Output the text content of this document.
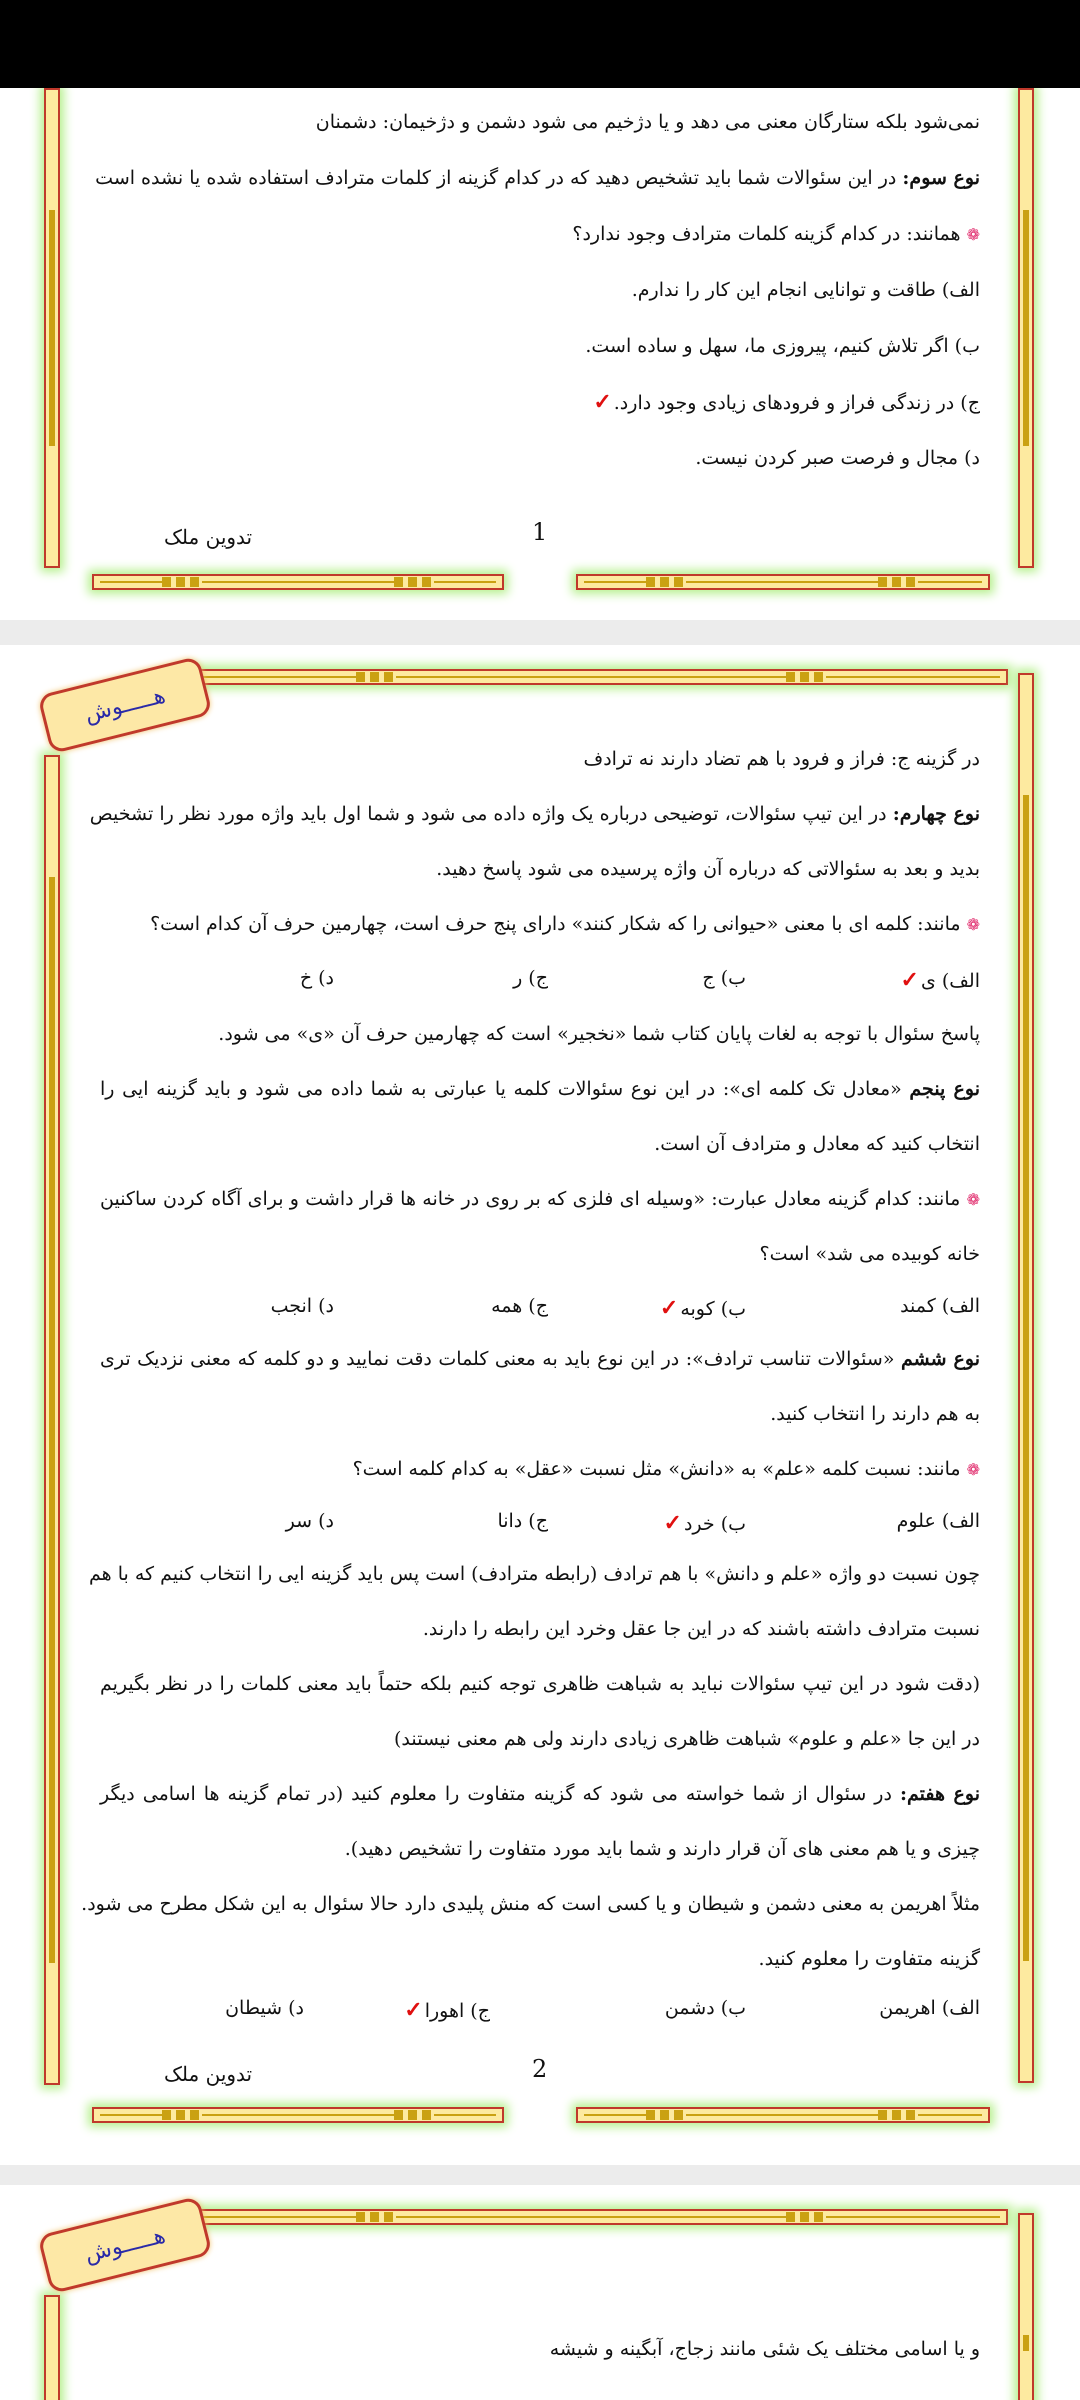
نمی‌شود بلکه ستارگان معنی می دهد و یا دژخیم می شود دشمن و دژخیمان: دشمنان
نوع سوم: در این سئوالات شما باید تشخیص دهید که در کدام گزینه از کلمات مترادف استفاده شده یا نشده است
❁ همانند: در کدام گزینه کلمات مترادف وجود ندارد؟
الف) طاقت و توانایی انجام این کار را ندارم.
ب) اگر تلاش کنیم، پیروزی ما، سهل و ساده است.
ج) در زندگی فراز و فرودهای زیادی وجود دارد.✓
د) مجال و فرصت صبر کردن نیست.
1
تدوین ملک
هـــــوش
در گزینه ج: فراز و فرود با هم تضاد دارند نه ترادف
نوع چهارم: در این تیپ سئوالات، توضیحی درباره یک واژه داده می شود و شما اول باید واژه مورد نظر را تشخیص
بدید و بعد به سئوالاتی که درباره آن واژه پرسیده می شود پاسخ دهید.
❁ مانند: کلمه ای با معنی «حیوانی را که شکار کنند» دارای پنج حرف است، چهارمین حرف آن کدام است؟
الف) ی✓
ب) ج
ج) ر
د) خ
پاسخ سئوال با توجه به لغات پایان کتاب شما «نخجیر» است که چهارمین حرف آن «ی» می شود.
نوع پنجم «معادل تک کلمه ای»: در این نوع سئوالات کلمه یا عبارتی به شما داده می شود و باید گزینه ایی را
انتخاب کنید که معادل و مترادف آن است.
❁ مانند: کدام گزینه معادل عبارت: «وسیله ای فلزی که بر روی در خانه ها قرار داشت و برای آگاه کردن ساکنین
خانه کوبیده می شد» است؟
الف) کمند
ب) کوبه✓
ج) همه
د) انجب
نوع ششم «سئوالات تناسب ترادف»: در این نوع باید به معنی کلمات دقت نمایید و دو کلمه که معنی نزدیک تری
به هم دارند را انتخاب کنید.
❁ مانند: نسبت کلمه «علم» به «دانش» مثل نسبت «عقل» به کدام کلمه است؟
الف) علوم
ب) خرد✓
ج) دانا
د) سر
چون نسبت دو واژه «علم و دانش» با هم ترادف (رابطه مترادف) است پس باید گزینه ایی را انتخاب کنیم که با هم
نسبت مترادف داشته باشند که در این جا عقل وخرد این رابطه را دارند.
(دقت شود در این تیپ سئوالات نباید به شباهت ظاهری توجه کنیم بلکه حتماً باید معنی کلمات را در نظر بگیریم
در این جا «علم و علوم» شباهت ظاهری زیادی دارند ولی هم معنی نیستند)
نوع هفتم: در سئوال از شما خواسته می شود که گزینه متفاوت را معلوم کنید (در تمام گزینه ها اسامی دیگر
چیزی و یا هم معنی های آن قرار دارند و شما باید مورد متفاوت را تشخیص دهید).
مثلاً اهریمن به معنی دشمن و شیطان و یا کسی است که منش پلیدی دارد حالا سئوال به این شکل مطرح می شود.
گزینه متفاوت را معلوم کنید.
الف) اهریمن
ب) دشمن
ج) اهورا✓
د) شیطان
2
تدوین ملک
هـــــوش
و یا اسامی مختلف یک شئی مانند زجاج، آبگینه و شیشه
